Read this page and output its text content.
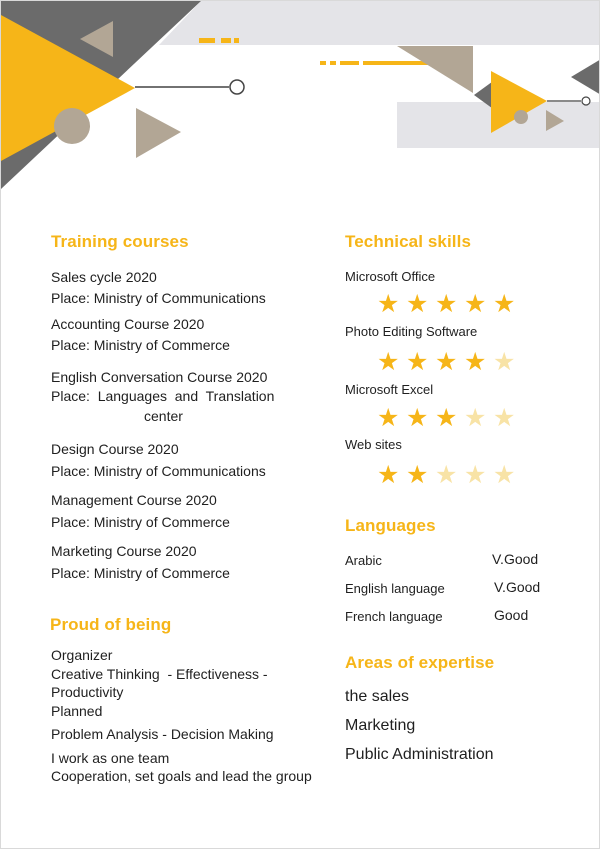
Training courses
Sales cycle 2020
Place: Ministry of Communications
Accounting Course 2020
Place: Ministry of Commerce
English Conversation Course 2020
Place:  Languages  and  Translation
center
Design Course 2020
Place: Ministry of Communications
Management Course 2020
Place: Ministry of Commerce
Marketing Course 2020
Place: Ministry of Commerce
Proud of being
Organizer
Creative Thinking  - Effectiveness -
Productivity
Planned
Problem Analysis - Decision Making
I work as one team
Cooperation, set goals and lead the group
Technical skills
Microsoft Office
★ ★ ★ ★ ★
Photo Editing Software
★ ★ ★ ★ ★
Microsoft Excel
★ ★ ★ ★ ★
Web sites
★ ★ ★ ★ ★
Languages
Arabic	V.Good
English language	V.Good
French language	Good
Areas of expertise
the sales
Marketing
Public Administration
